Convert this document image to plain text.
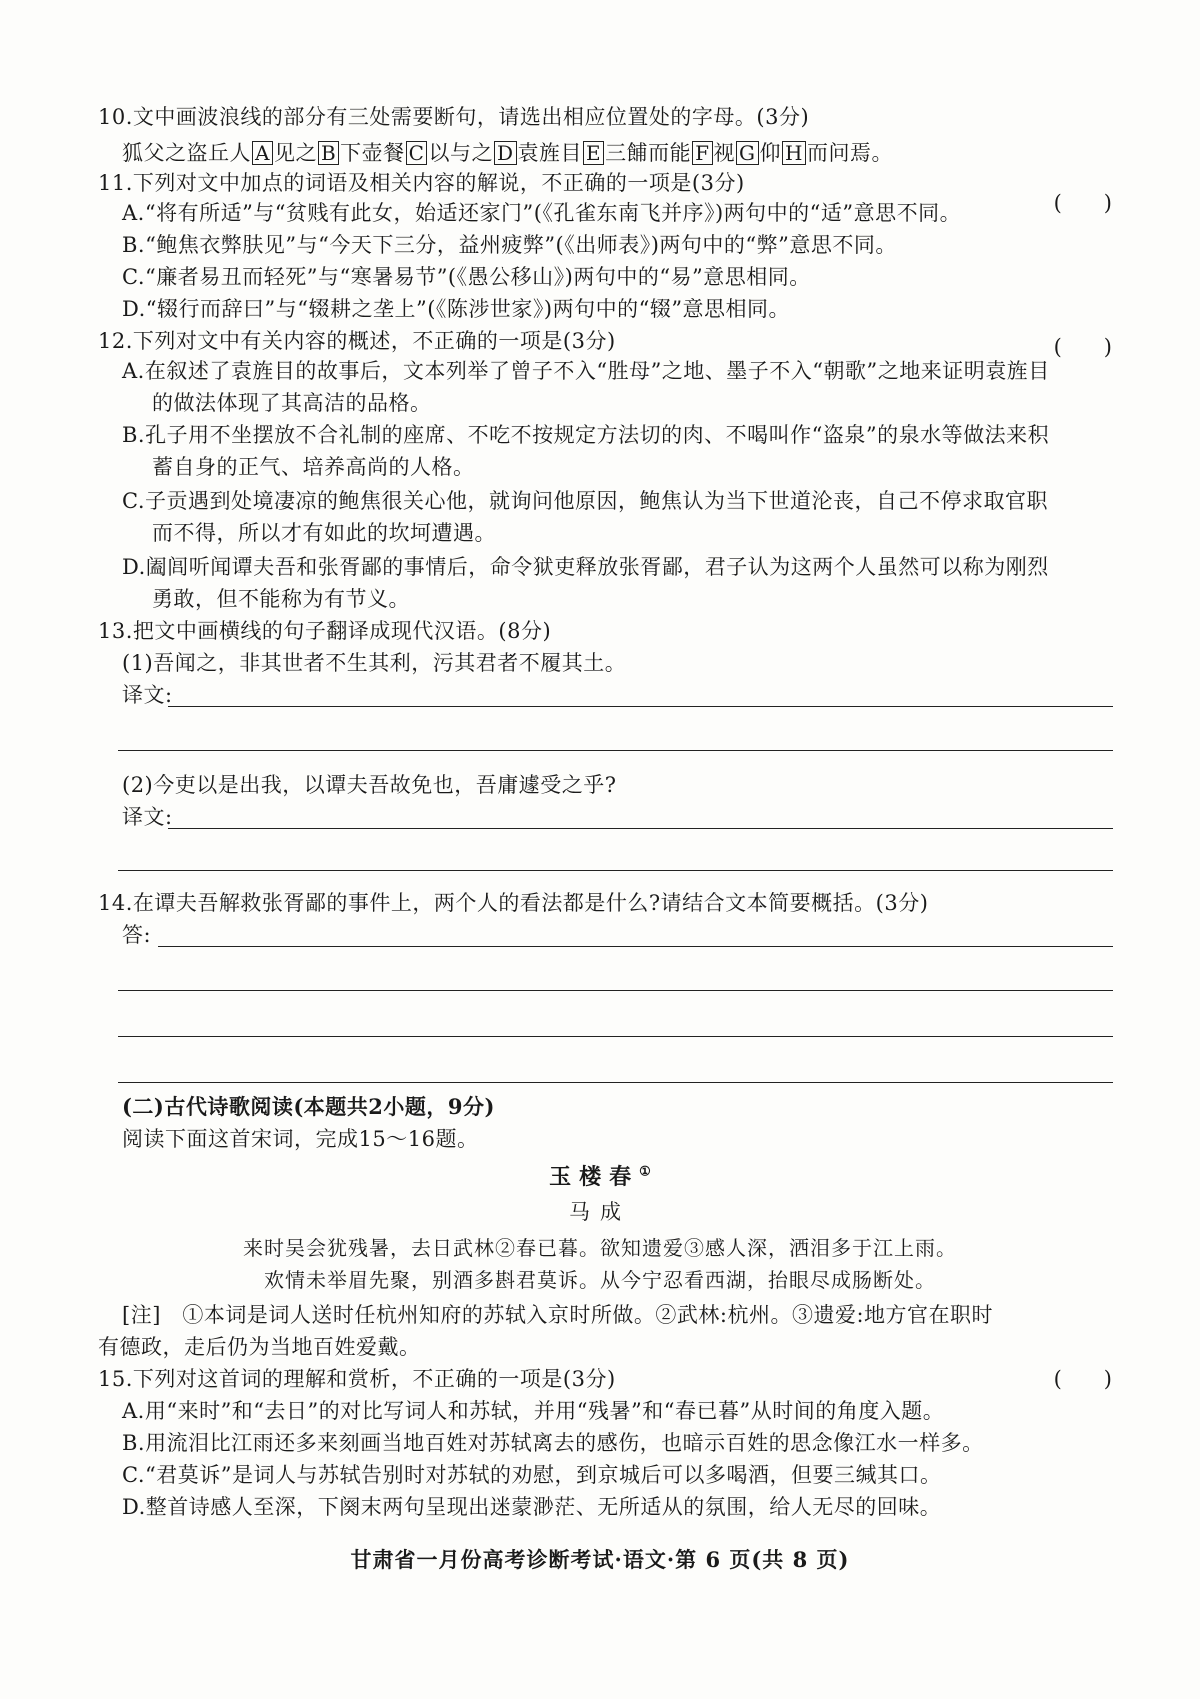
10.文中画波浪线的部分有三处需要断句，请选出相应位置处的字母。(3分)
狐父之盗丘人 A 见之 B 下壶餐 C 以与之 D 袁旌目 E 三餔而能 F 视 G 仰 H 而问焉。
11.下列对文中加点的词语及相关内容的解说，不正确的一项是(3分)
(　　)
A.“将有所适”与“贫贱有此女，始适还家门”(《孔雀东南飞并序》)两句中的“适”意思不同。
B.“鲍焦衣弊肤见”与“今天下三分，益州疲弊”(《出师表》)两句中的“弊”意思不同。
C.“廉者易丑而轻死”与“寒暑易节”(《愚公移山》)两句中的“易”意思相同。
D.“辍行而辞曰”与“辍耕之垄上”(《陈涉世家》)两句中的“辍”意思相同。
12.下列对文中有关内容的概述，不正确的一项是(3分)	(　　)
A.在叙述了袁旌目的故事后，文本列举了曾子不入“胜母”之地、墨子不入“朝歌”之地来证明袁旌目
的做法体现了其高洁的品格。
B.孔子用不坐摆放不合礼制的座席、不吃不按规定方法切的肉、不喝叫作“盗泉”的泉水等做法来积
蓄自身的正气、培养高尚的人格。
C.子贡遇到处境凄凉的鲍焦很关心他，就询问他原因，鲍焦认为当下世道沦丧，自己不停求取官职
而不得，所以才有如此的坎坷遭遇。
D.阖闾听闻谭夫吾和张胥鄙的事情后，命令狱吏释放张胥鄙，君子认为这两个人虽然可以称为刚烈
勇敢，但不能称为有节义。
13.把文中画横线的句子翻译成现代汉语。(8分)
(1)吾闻之，非其世者不生其利，污其君者不履其土。
译文:
(2)今吏以是出我，以谭夫吾故免也，吾庸遽受之乎?
译文:
14.在谭夫吾解救张胥鄙的事件上，两个人的看法都是什么?请结合文本简要概括。(3分)
答:
(二)古代诗歌阅读(本题共2小题，9分)
阅读下面这首宋词，完成15～16题。
玉楼春①
马成
来时吴会犹残暑，去日武林②春已暮。欲知遗爱③感人深，洒泪多于江上雨。
欢情未举眉先聚，别酒多斟君莫诉。从今宁忍看西湖，抬眼尽成肠断处。
[注]　①本词是词人送时任杭州知府的苏轼入京时所做。②武林:杭州。③遗爱:地方官在职时
有德政，走后仍为当地百姓爱戴。
15.下列对这首词的理解和赏析，不正确的一项是(3分)	(　　)
A.用“来时”和“去日”的对比写词人和苏轼，并用“残暑”和“春已暮”从时间的角度入题。
B.用流泪比江雨还多来刻画当地百姓对苏轼离去的感伤，也暗示百姓的思念像江水一样多。
C.“君莫诉”是词人与苏轼告别时对苏轼的劝慰，到京城后可以多喝酒，但要三缄其口。
D.整首诗感人至深，下阕末两句呈现出迷蒙渺茫、无所适从的氛围，给人无尽的回味。
甘肃省一月份高考诊断考试·语文·第 6 页(共 8 页)
